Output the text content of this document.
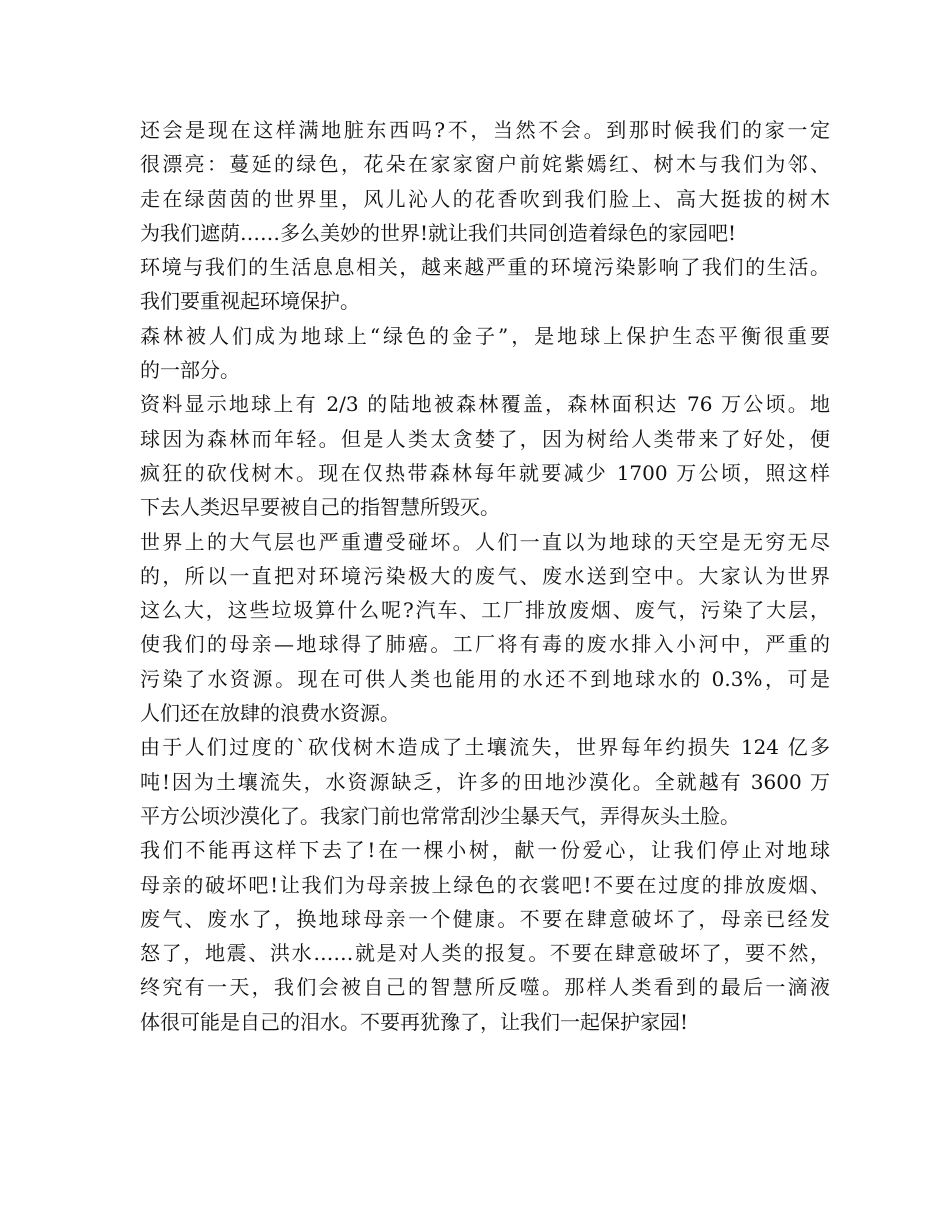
还会是现在这样满地脏东西吗?不，当然不会。到那时候我们的家一定
很漂亮：蔓延的绿色，花朵在家家窗户前姹紫嫣红、树木与我们为邻、
走在绿茵茵的世界里，风儿沁人的花香吹到我们脸上、高大挺拔的树木
为我们遮荫……多么美妙的世界!就让我们共同创造着绿色的家园吧!
环境与我们的生活息息相关，越来越严重的环境污染影响了我们的生活。
我们要重视起环境保护。
森林被人们成为地球上“绿色的金子”，是地球上保护生态平衡很重要
的一部分。
资料显示地球上有 2/3 的陆地被森林覆盖，森林面积达 76 万公顷。地
球因为森林而年轻。但是人类太贪婪了，因为树给人类带来了好处，便
疯狂的砍伐树木。现在仅热带森林每年就要减少 1700 万公顷，照这样
下去人类迟早要被自己的指智慧所毁灭。
世界上的大气层也严重遭受碰坏。人们一直以为地球的天空是无穷无尽
的，所以一直把对环境污染极大的废气、废水送到空中。大家认为世界
这么大，这些垃圾算什么呢?汽车、工厂排放废烟、废气，污染了大层，
使我们的母亲—地球得了肺癌。工厂将有毒的废水排入小河中，严重的
污染了水资源。现在可供人类也能用的水还不到地球水的 0.3%，可是
人们还在放肆的浪费水资源。
由于人们过度的`砍伐树木造成了土壤流失，世界每年约损失 124 亿多
吨!因为土壤流失，水资源缺乏，许多的田地沙漠化。全就越有 3600 万
平方公顷沙漠化了。我家门前也常常刮沙尘暴天气，弄得灰头土脸。
我们不能再这样下去了!在一棵小树，献一份爱心，让我们停止对地球
母亲的破坏吧!让我们为母亲披上绿色的衣裳吧!不要在过度的排放废烟、
废气、废水了，换地球母亲一个健康。不要在肆意破坏了，母亲已经发
怒了，地震、洪水……就是对人类的报复。不要在肆意破坏了，要不然，
终究有一天，我们会被自己的智慧所反噬。那样人类看到的最后一滴液
体很可能是自己的泪水。不要再犹豫了，让我们一起保护家园!
